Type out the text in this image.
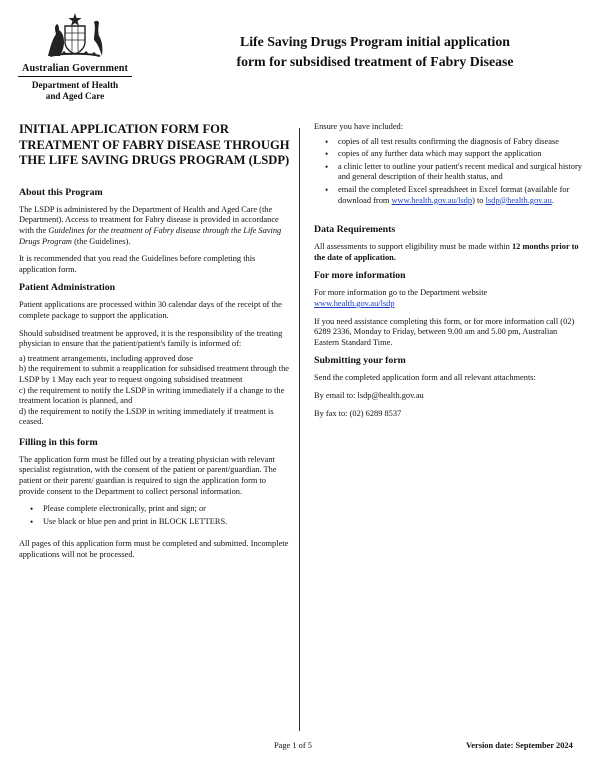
Australian Government
Department of Health
and Aged Care
Life Saving Drugs Program initial application
form for subsidised treatment of Fabry Disease
INITIAL APPLICATION FORM FOR TREATMENT OF FABRY DISEASE THROUGH THE LIFE SAVING DRUGS PROGRAM (LSDP)
About this Program

The LSDP is administered by the Department of Health and Aged Care (the Department). Access to treatment for Fabry disease is provided in accordance with the Guidelines for the treatment of Fabry disease through the Life Saving Drugs Program (the Guidelines).

It is recommended that you read the Guidelines before completing this application form.

Patient Administration

Patient applications are processed within 30 calendar days of the receipt of the complete package to support the application.

Should subsidised treatment be approved, it is the responsibility of the treating physician to ensure that the patient/patient's family is informed of:

a) treatment arrangements, including approved dose
b) the requirement to submit a reapplication for subsidised treatment through the LSDP by 1 May each year to request ongoing subsidised treatment
c) the requirement to notify the LSDP in writing immediately if a change to the treatment location is planned, and
d) the requirement to notify the LSDP in writing immediately if treatment is ceased.
Filling in this form

The application form must be filled out by a treating physician with relevant specialist registration, with the consent of the patient or parent/guardian. The patient or their parent/ guardian is required to sign the application form to provide consent to the Department to collect personal information.

• Please complete electronically, print and sign; or
• Use black or blue pen and print in BLOCK LETTERS.

All pages of this application form must be completed and submitted. Incomplete applications will not be processed.

Ensure you have included:

• copies of all test results confirming the diagnosis of Fabry disease
• copies of any further data which may support the application
• a clinic letter to outline your patient's recent medical and surgical history and general description of their health status, and
• email the completed Excel spreadsheet in Excel format (available for download from www.health.gov.au/lsdp) to lsdp@health.gov.au.
Data Requirements

All assessments to support eligibility must be made within 12 months prior to the date of application.

For more information

For more information go to the Department website
www.health.gov.au/lsdp

If you need assistance completing this form, or for more information call (02) 6289 2336, Monday to Friday, between 9.00 am and 5.00 pm, Australian Eastern Standard Time.

Submitting your form

Send the completed application form and all relevant attachments:

By email to: lsdp@health.gov.au

By fax to: (02) 6289 8537

Page 1 of 5	Version date: September 2024
